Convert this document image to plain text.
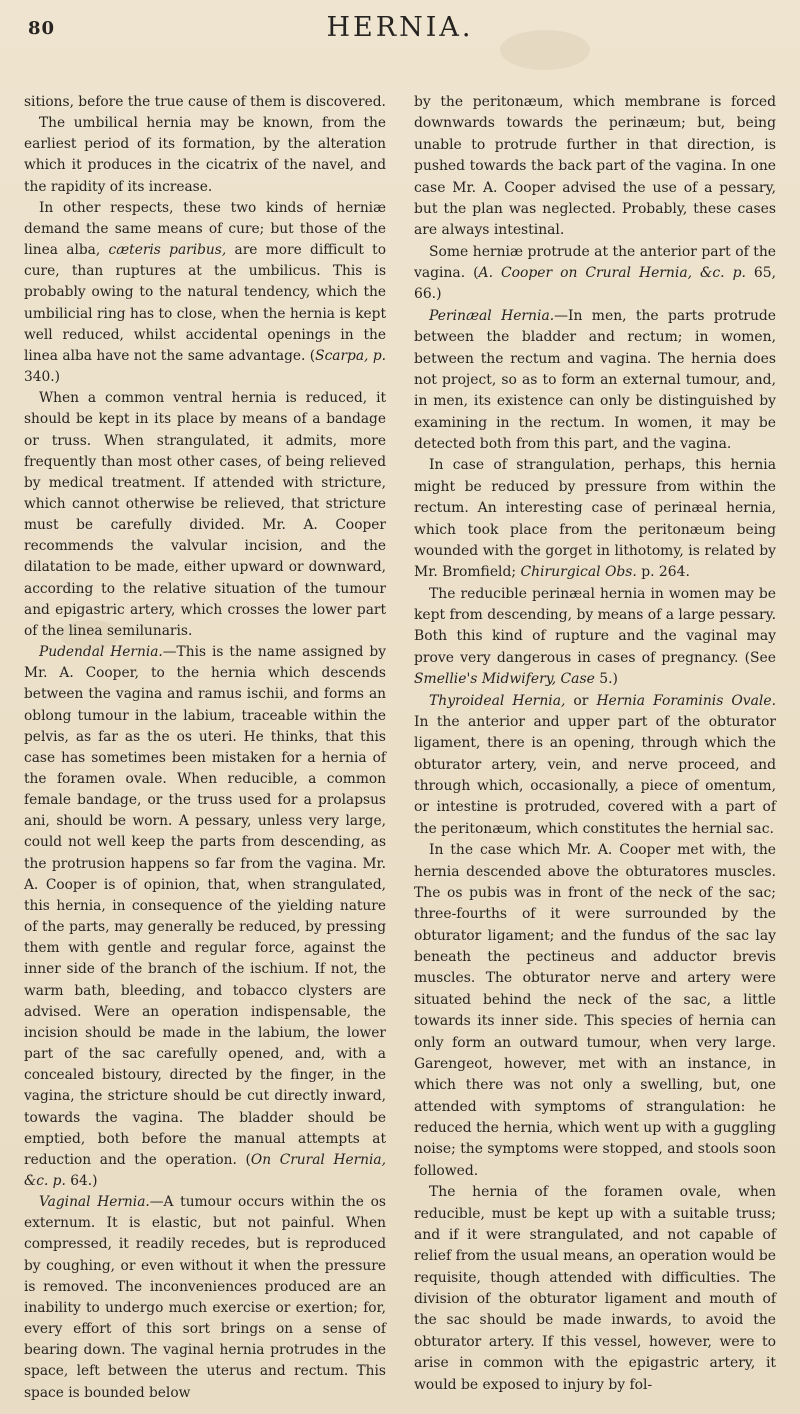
80	HERNIA.

sitions, before the true cause of them is discovered.

The umbilical hernia may be known, from the earliest period of its formation, by the alteration which it produces in the cicatrix of the navel, and the rapidity of its increase.

In other respects, these two kinds of herniæ demand the same means of cure; but those of the linea alba, cæteris paribus, are more difficult to cure, than ruptures at the umbilicus. This is probably owing to the natural tendency, which the umbilicial ring has to close, when the hernia is kept well reduced, whilst accidental openings in the linea alba have not the same advantage. (Scarpa, p. 340.)

When a common ventral hernia is reduced, it should be kept in its place by means of a bandage or truss. When strangulated, it admits, more frequently than most other cases, of being relieved by medical treatment. If attended with stricture, which cannot otherwise be relieved, that stricture must be carefully divided. Mr. A. Cooper recommends the valvular incision, and the dilatation to be made, either upward or downward, according to the relative situation of the tumour and epigastric artery, which crosses the lower part of the linea semilunaris.

Pudendal Hernia.—This is the name assigned by Mr. A. Cooper, to the hernia which descends between the vagina and ramus ischii, and forms an oblong tumour in the labium, traceable within the pelvis, as far as the os uteri. He thinks, that this case has sometimes been mistaken for a hernia of the foramen ovale. When reducible, a common female bandage, or the truss used for a prolapsus ani, should be worn. A pessary, unless very large, could not well keep the parts from descending, as the protrusion happens so far from the vagina. Mr. A. Cooper is of opinion, that, when strangulated, this hernia, in consequence of the yielding nature of the parts, may generally be reduced, by pressing them with gentle and regular force, against the inner side of the branch of the ischium. If not, the warm bath, bleeding, and tobacco clysters are advised. Were an operation indispensable, the incision should be made in the labium, the lower part of the sac carefully opened, and, with a concealed bistoury, directed by the finger, in the vagina, the stricture should be cut directly inward, towards the vagina. The bladder should be emptied, both before the manual attempts at reduction and the operation. (On Crural Hernia, &c. p. 64.)

Vaginal Hernia.—A tumour occurs within the os externum. It is elastic, but not painful. When compressed, it readily recedes, but is reproduced by coughing, or even without it when the pressure is removed. The inconveniences produced are an inability to undergo much exercise or exertion; for, every effort of this sort brings on a sense of bearing down. The vaginal hernia protrudes in the space, left between the uterus and rectum. This space is bounded below

by the peritonæum, which membrane is forced downwards towards the perinæum; but, being unable to protrude further in that direction, is pushed towards the back part of the vagina. In one case Mr. A. Cooper advised the use of a pessary, but the plan was neglected. Probably, these cases are always intestinal.

Some herniæ protrude at the anterior part of the vagina. (A. Cooper on Crural Hernia, &c. p. 65, 66.)

Perinæal Hernia.—In men, the parts protrude between the bladder and rectum; in women, between the rectum and vagina. The hernia does not project, so as to form an external tumour, and, in men, its existence can only be distinguished by examining in the rectum. In women, it may be detected both from this part, and the vagina.

In case of strangulation, perhaps, this hernia might be reduced by pressure from within the rectum. An interesting case of perinæal hernia, which took place from the peritonæum being wounded with the gorget in lithotomy, is related by Mr. Bromfield; Chirurgical Obs. p. 264.

The reducible perinæal hernia in women may be kept from descending, by means of a large pessary. Both this kind of rupture and the vaginal may prove very dangerous in cases of pregnancy. (See Smellie's Midwifery, Case 5.)

Thyroideal Hernia, or Hernia Foraminis Ovale. In the anterior and upper part of the obturator ligament, there is an opening, through which the obturator artery, vein, and nerve proceed, and through which, occasionally, a piece of omentum, or intestine is protruded, covered with a part of the peritonæum, which constitutes the hernial sac.

In the case which Mr. A. Cooper met with, the hernia descended above the obturatores muscles. The os pubis was in front of the neck of the sac; three-fourths of it were surrounded by the obturator ligament; and the fundus of the sac lay beneath the pectineus and adductor brevis muscles. The obturator nerve and artery were situated behind the neck of the sac, a little towards its inner side. This species of hernia can only form an outward tumour, when very large. Garengeot, however, met with an instance, in which there was not only a swelling, but, one attended with symptoms of strangulation: he reduced the hernia, which went up with a guggling noise; the symptoms were stopped, and stools soon followed.

The hernia of the foramen ovale, when reducible, must be kept up with a suitable truss; and if it were strangulated, and not capable of relief from the usual means, an operation would be requisite, though attended with difficulties. The division of the obturator ligament and mouth of the sac should be made inwards, to avoid the obturator artery. If this vessel, however, were to arise in common with the epigastric artery, it would be exposed to injury by fol-
